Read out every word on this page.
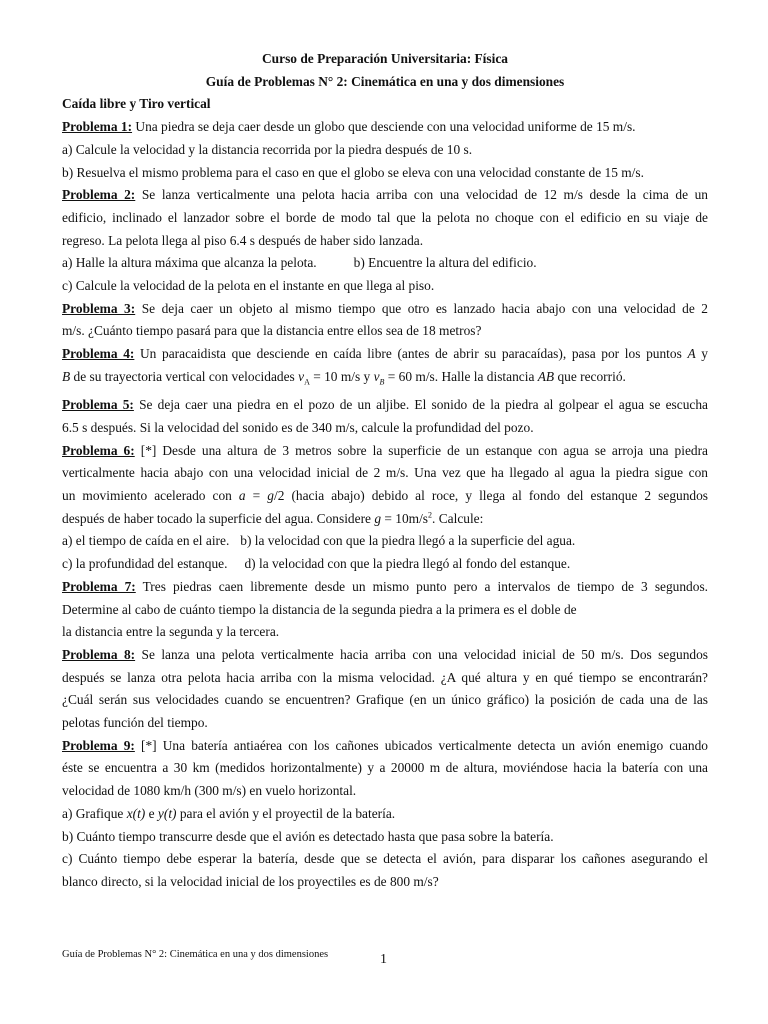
Curso de Preparación Universitaria: Física

Guía de Problemas N° 2: Cinemática en una y dos dimensiones

Caída libre y Tiro vertical

Problema 1: Una piedra se deja caer desde un globo que desciende con una velocidad uniforme de 15 m/s.

a) Calcule la velocidad y la distancia recorrida por la piedra después de 10 s.

b) Resuelva el mismo problema para el caso en que el globo se eleva con una velocidad constante de 15 m/s.

Problema 2: Se lanza verticalmente una pelota hacia arriba con una velocidad de 12 m/s desde la cima de un

edificio, inclinado el lanzador sobre el borde de modo tal que la pelota no choque con el edificio en su viaje de

regreso. La pelota llega al piso 6.4 s después de haber sido lanzada.

a) Halle la altura máxima que alcanza la pelota.	b) Encuentre la altura del edificio.

c) Calcule la velocidad de la pelota en el instante en que llega al piso.

Problema 3: Se deja caer un objeto al mismo tiempo que otro es lanzado hacia abajo con una velocidad de 2

m/s. ¿Cuánto tiempo pasará para que la distancia entre ellos sea de 18 metros?

Problema 4: Un paracaidista que desciende en caída libre (antes de abrir su paracaídas), pasa por los puntos A y

B de su trayectoria vertical con velocidades $v_A = 10$ m/s y $v_B = 60$ m/s. Halle la distancia AB que recorrió.

Problema 5: Se deja caer una piedra en el pozo de un aljibe. El sonido de la piedra al golpear el agua se escucha

6.5 s después. Si la velocidad del sonido es de 340 m/s, calcule la profundidad del pozo.

Problema 6: [*] Desde una altura de 3 metros sobre la superficie de un estanque con agua se arroja una piedra

verticalmente hacia abajo con una velocidad inicial de 2 m/s. Una vez que ha llegado al agua la piedra sigue con

un movimiento acelerado con a = g/2 (hacia abajo) debido al roce, y llega al fondo del estanque 2 segundos

después de haber tocado la superficie del agua. Considere $g = 10m/s^2$. Calcule:

a) el tiempo de caída en el aire. b) la velocidad con que la piedra llegó a la superficie del agua.

c) la profundidad del estanque. d) la velocidad con que la piedra llegó al fondo del estanque.

Problema 7: Tres piedras caen libremente desde un mismo punto pero a intervalos de tiempo de 3 segundos.

Determine al cabo de cuánto tiempo la distancia de la segunda piedra a la primera es el doble de

la distancia entre la segunda y la tercera.

Problema 8: Se lanza una pelota verticalmente hacia arriba con una velocidad inicial de 50 m/s. Dos segundos

después se lanza otra pelota hacia arriba con la misma velocidad. ¿A qué altura y en qué tiempo se encontrarán?

¿Cuál serán sus velocidades cuando se encuentren? Grafique (en un único gráfico) la posición de cada una de las

pelotas función del tiempo.

Problema 9: [*] Una batería antiaérea con los cañones ubicados verticalmente detecta un avión enemigo cuando

éste se encuentra a 30 km (medidos horizontalmente) y a 20000 m de altura, moviéndose hacia la batería con una

velocidad de 1080 km/h (300 m/s) en vuelo horizontal.

a) Grafique x(t) e y(t) para el avión y el proyectil de la batería.

b) Cuánto tiempo transcurre desde que el avión es detectado hasta que pasa sobre la batería.

c) Cuánto tiempo debe esperar la batería, desde que se detecta el avión, para disparar los cañones asegurando el

blanco directo, si la velocidad inicial de los proyectiles es de 800 m/s?

Guía de Problemas N° 2: Cinemática en una y dos dimensiones	1
